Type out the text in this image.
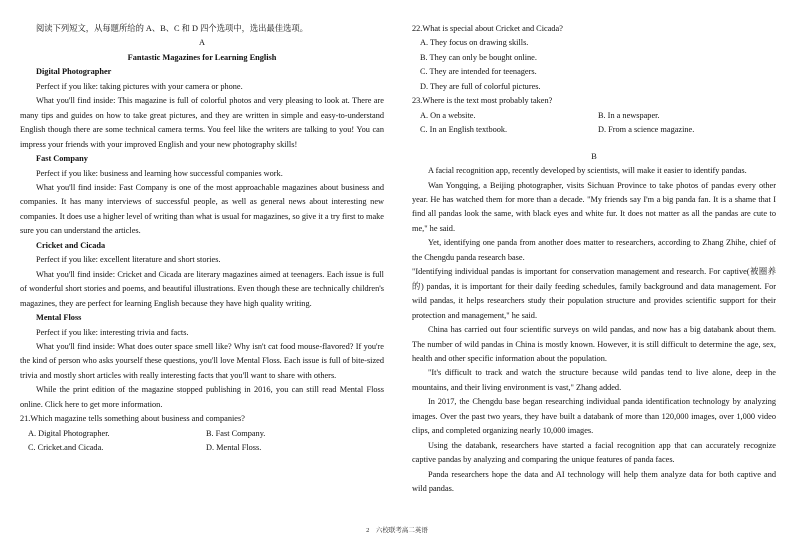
阅读下列短文，从每题所给的 A、B、C 和 D 四个选项中，选出最佳选项。

A

Fantastic Magazines for Learning English

Digital Photographer

Perfect if you like: taking pictures with your camera or phone.

What you'll find inside: This magazine is full of colorful photos and very pleasing to look at. There are many tips and guides on how to take great pictures, and they are written in simple and easy-to-understand English though there are some technical camera terms. You feel like the writers are talking to you! You can impress your friends with your improved English and your new photography skills!

Fast Company

Perfect if you like: business and learning how successful companies work.

What you'll find inside: Fast Company is one of the most approachable magazines about business and companies. It has many interviews of successful people, as well as general news about interesting new companies. It does use a higher level of writing than what is usual for magazines, so give it a try first to make sure you can understand the articles.

Cricket and Cicada

Perfect if you like: excellent literature and short stories.

What you'll find inside: Cricket and Cicada are literary magazines aimed at teenagers. Each issue is full of wonderful short stories and poems, and beautiful illustrations. Even though these are technically children's magazines, they are perfect for learning English because they have high quality writing.

Mental Floss

Perfect if you like: interesting trivia and facts.

What you'll find inside: What does outer space smell like? Why isn't cat food mouse-flavored? If you're the kind of person who asks yourself these questions, you'll love Mental Floss. Each issue is full of bite-sized trivia and mostly short articles with really interesting facts that you'll want to share with others.

While the print edition of the magazine stopped publishing in 2016, you can still read Mental Floss online. Click here to get more information.

21.Which magazine tells something about business and companies?

A. Digital Photographer.	B. Fast Company.
C. Cricket.and Cicada.	D. Mental Floss.

22.What is special about Cricket and Cicada?

A. They focus on drawing skills.

B. They can only be bought online.

C. They are intended for teenagers.

D. They are full of colorful pictures.

23.Where is the text most probably taken?

A. On a website.	B. In a newspaper.
C. In an English textbook.	D. From a science magazine.

B

A facial recognition app, recently developed by scientists, will make it easier to identify pandas.

Wan Yongqing, a Beijing photographer, visits Sichuan Province to take photos of pandas every other year. He has watched them for more than a decade. "My friends say I'm a big panda fan. It is a shame that I find all pandas look the same, with black eyes and white fur. It does not matter as all the pandas are cute to me," he said.

Yet, identifying one panda from another does matter to researchers, according to Zhang Zhihe, chief of the Chengdu panda research base.

"Identifying individual pandas is important for conservation management and research. For captive(被圈养的) pandas, it is important for their daily feeding schedules, family background and data management. For wild pandas, it helps researchers study their population structure and provides scientific support for their protection and management," he said.

China has carried out four scientific surveys on wild pandas, and now has a big databank about them. The number of wild pandas in China is mostly known. However, it is still difficult to determine the age, sex, health and other specific information about the population.

"It's difficult to track and watch the structure because wild pandas tend to live alone, deep in the mountains, and their living environment is vast," Zhang added.

In 2017, the Chengdu base began researching individual panda identification technology by analyzing images. Over the past two years, they have built a databank of more than 120,000 images, over 1,000 video clips, and completed organizing nearly 10,000 images.

Using the databank, researchers have started a facial recognition app that can accurately recognize captive pandas by analyzing and comparing the unique features of panda faces.

Panda researchers hope the data and AI technology will help them analyze data for both captive and wild pandas.

2　六校联考高二英语
